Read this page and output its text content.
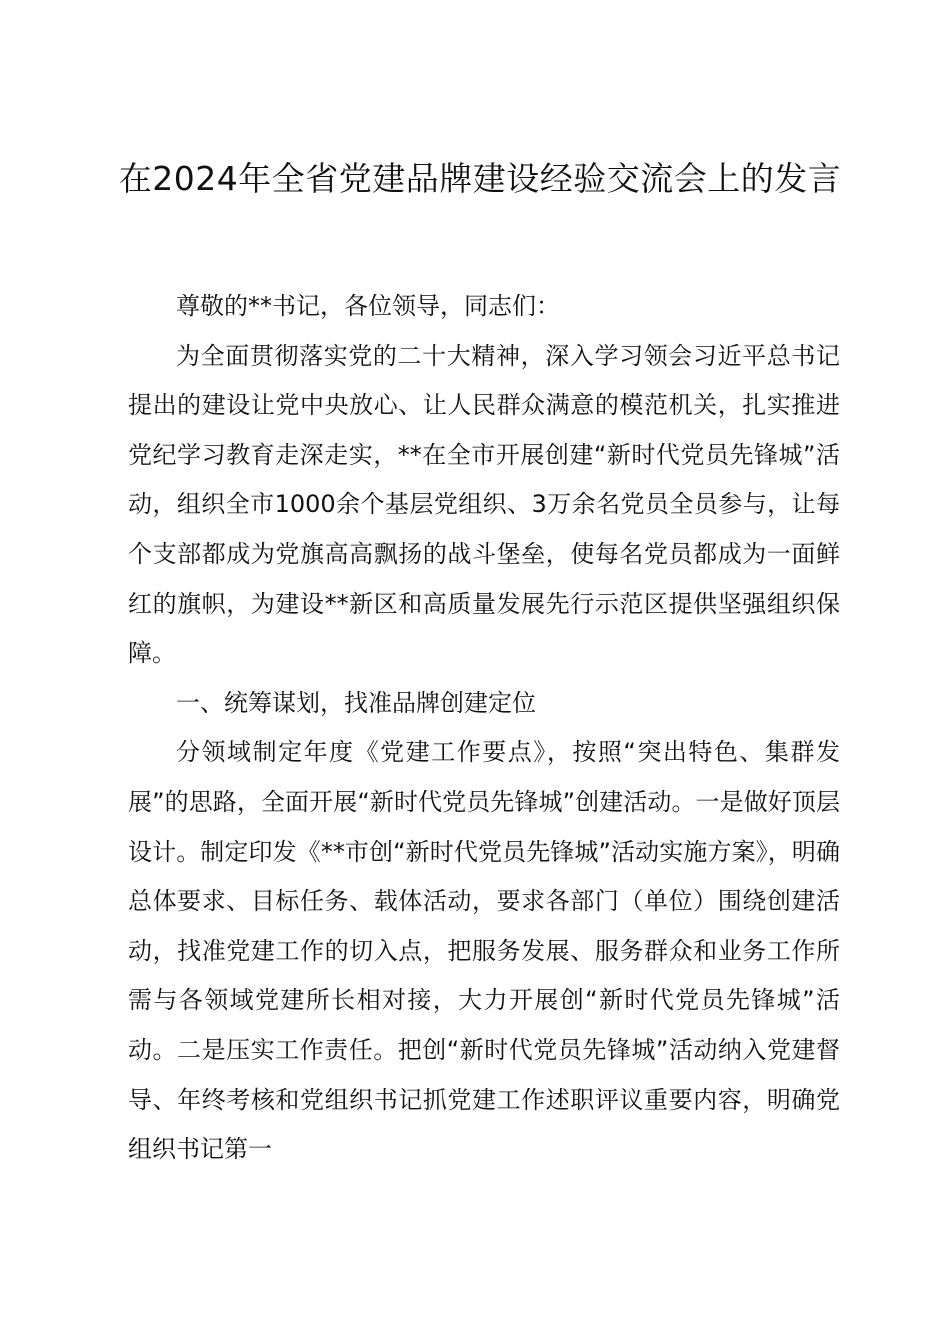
在2024年全省党建品牌建设经验交流会上的发言

尊敬的**书记，各位领导，同志们：

为全面贯彻落实党的二十大精神，深入学习领会习近平总书记提出的建设让党中央放心、让人民群众满意的模范机关，扎实推进党纪学习教育走深走实，**在全市开展创建“新时代党员先锋城”活动，组织全市1000余个基层党组织、3万余名党员全员参与，让每个支部都成为党旗高高飘扬的战斗堡垒，使每名党员都成为一面鲜红的旗帜，为建设**新区和高质量发展先行示范区提供坚强组织保障。

一、统筹谋划，找准品牌创建定位

分领域制定年度《党建工作要点》，按照“突出特色、集群发展”的思路，全面开展“新时代党员先锋城”创建活动。一是做好顶层设计。制定印发《**市创“新时代党员先锋城”活动实施方案》，明确总体要求、目标任务、载体活动，要求各部门（单位）围绕创建活动，找准党建工作的切入点，把服务发展、服务群众和业务工作所需与各领域党建所长相对接，大力开展创“新时代党员先锋城”活动。二是压实工作责任。把创“新时代党员先锋城”活动纳入党建督导、年终考核和党组织书记抓党建工作述职评议重要内容，明确党组织书记第一
